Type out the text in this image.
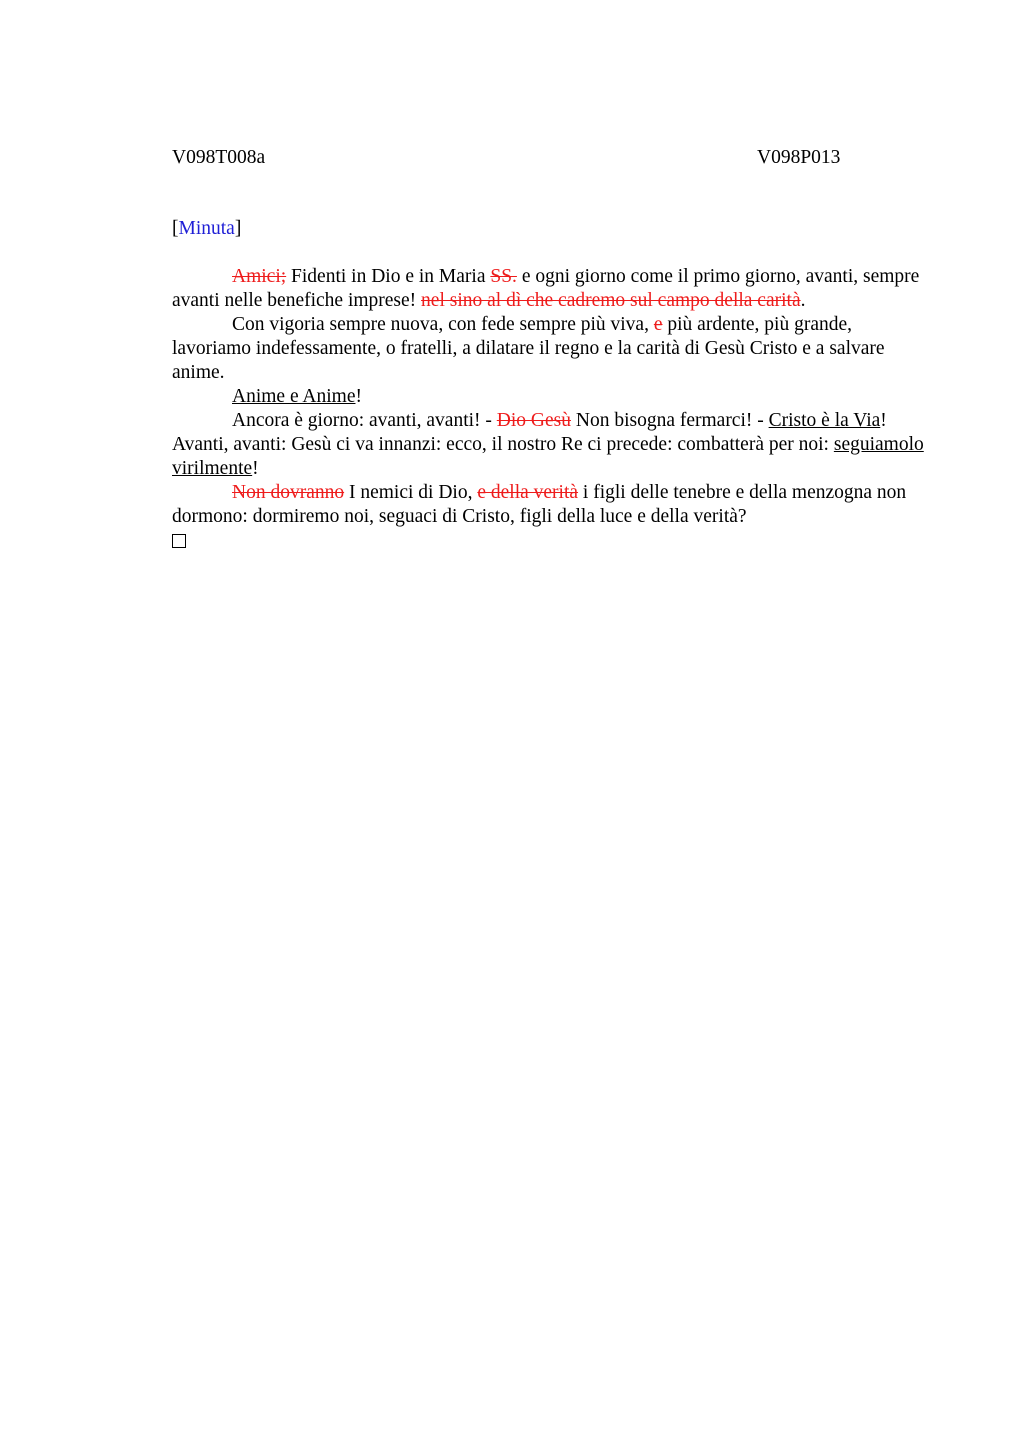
V098T008a	V098P013
[Minuta]

Amici; Fidenti in Dio e in Maria SS. e ogni giorno come il primo giorno, avanti, sempre avanti nelle benefiche imprese! nel sino al dì che cadremo sul campo della carità.

Con vigoria sempre nuova, con fede sempre più viva, e più ardente, più grande, lavoriamo indefessamente, o fratelli, a dilatare il regno e la carità di Gesù Cristo e a salvare anime.

Anime e Anime!

Ancora è giorno: avanti, avanti! - Dio Gesù Non bisogna fermarci! - Cristo è la Via! Avanti, avanti: Gesù ci va innanzi: ecco, il nostro Re ci precede: combatterà per noi: seguiamolo virilmente!

Non dovranno I nemici di Dio, e della verità i figli delle tenebre e della menzogna non dormono: dormiremo noi, seguaci di Cristo, figli della luce e della verità?
